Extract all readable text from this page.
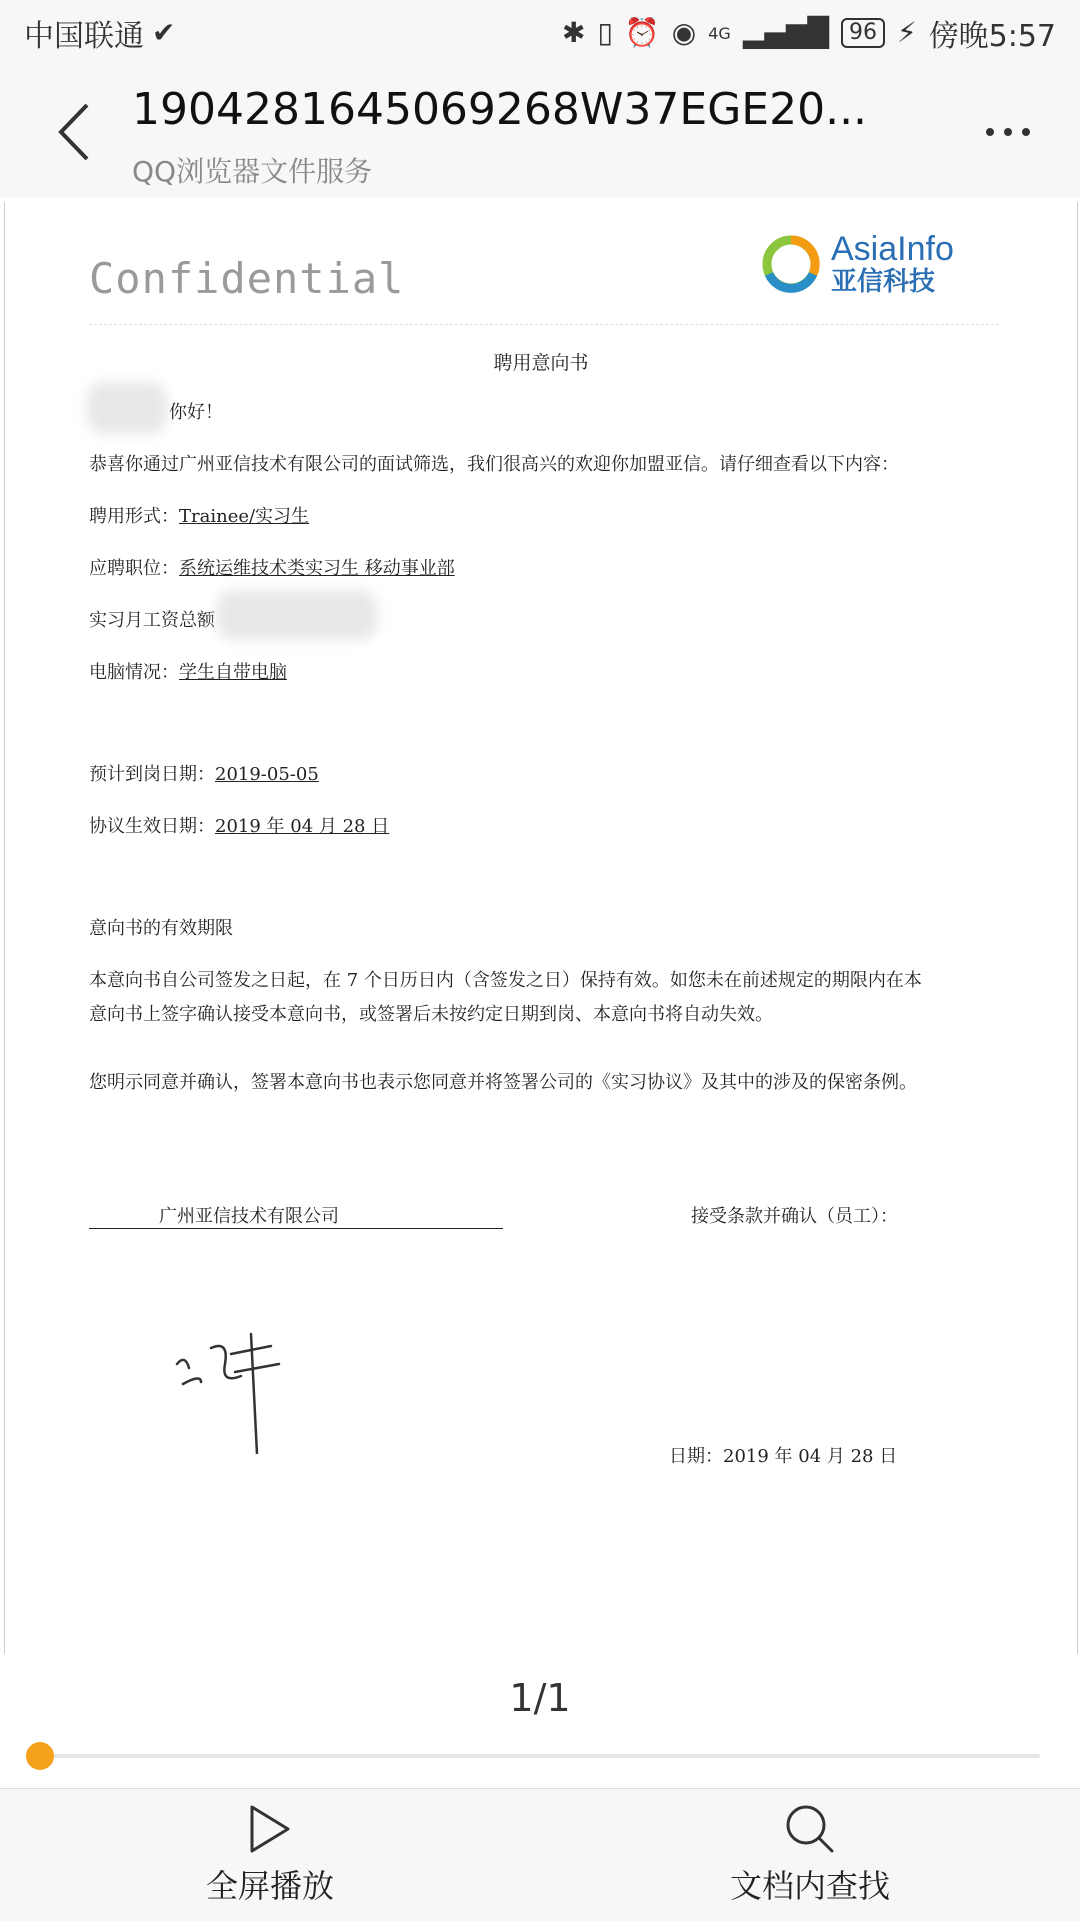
中国联通 ✔	✱ ▯ ⏰ ◉ 4G ▂▄▆█ 96 ⚡ 傍晚5:57
19042816450692​68W37EGE20...
QQ浏览器文件服务
Confidential
AsiaInfo
亚信科技
聘用意向书
你好！
恭喜你通过广州亚信技术有限公司的面试筛选，我们很高兴的欢迎你加盟亚信。请仔细查看以下内容：
聘用形式：Trainee/实习生
应聘职位：系统运维技术类实习生 移动事业部
实习月工资总额
电脑情况：学生自带电脑
预计到岗日期：2019-05-05
协议生效日期：2019 年 04 月 28 日
意向书的有效期限
本意向书自公司签发之日起，在 7 个日历日内（含签发之日）保持有效。如您未在前述规定的期限内在本
意向书上签字确认接受本意向书，或签署后未按约定日期到岗、本意向书将自动失效。
您明示同意并确认，签署本意向书也表示您同意并将签署公司的《实习协议》及其中的涉及的保密条例。
广州亚信技术有限公司	接受条款并确认（员工）：
日期：2019 年 04 月 28 日
1/1
全屏播放	文档内查找
